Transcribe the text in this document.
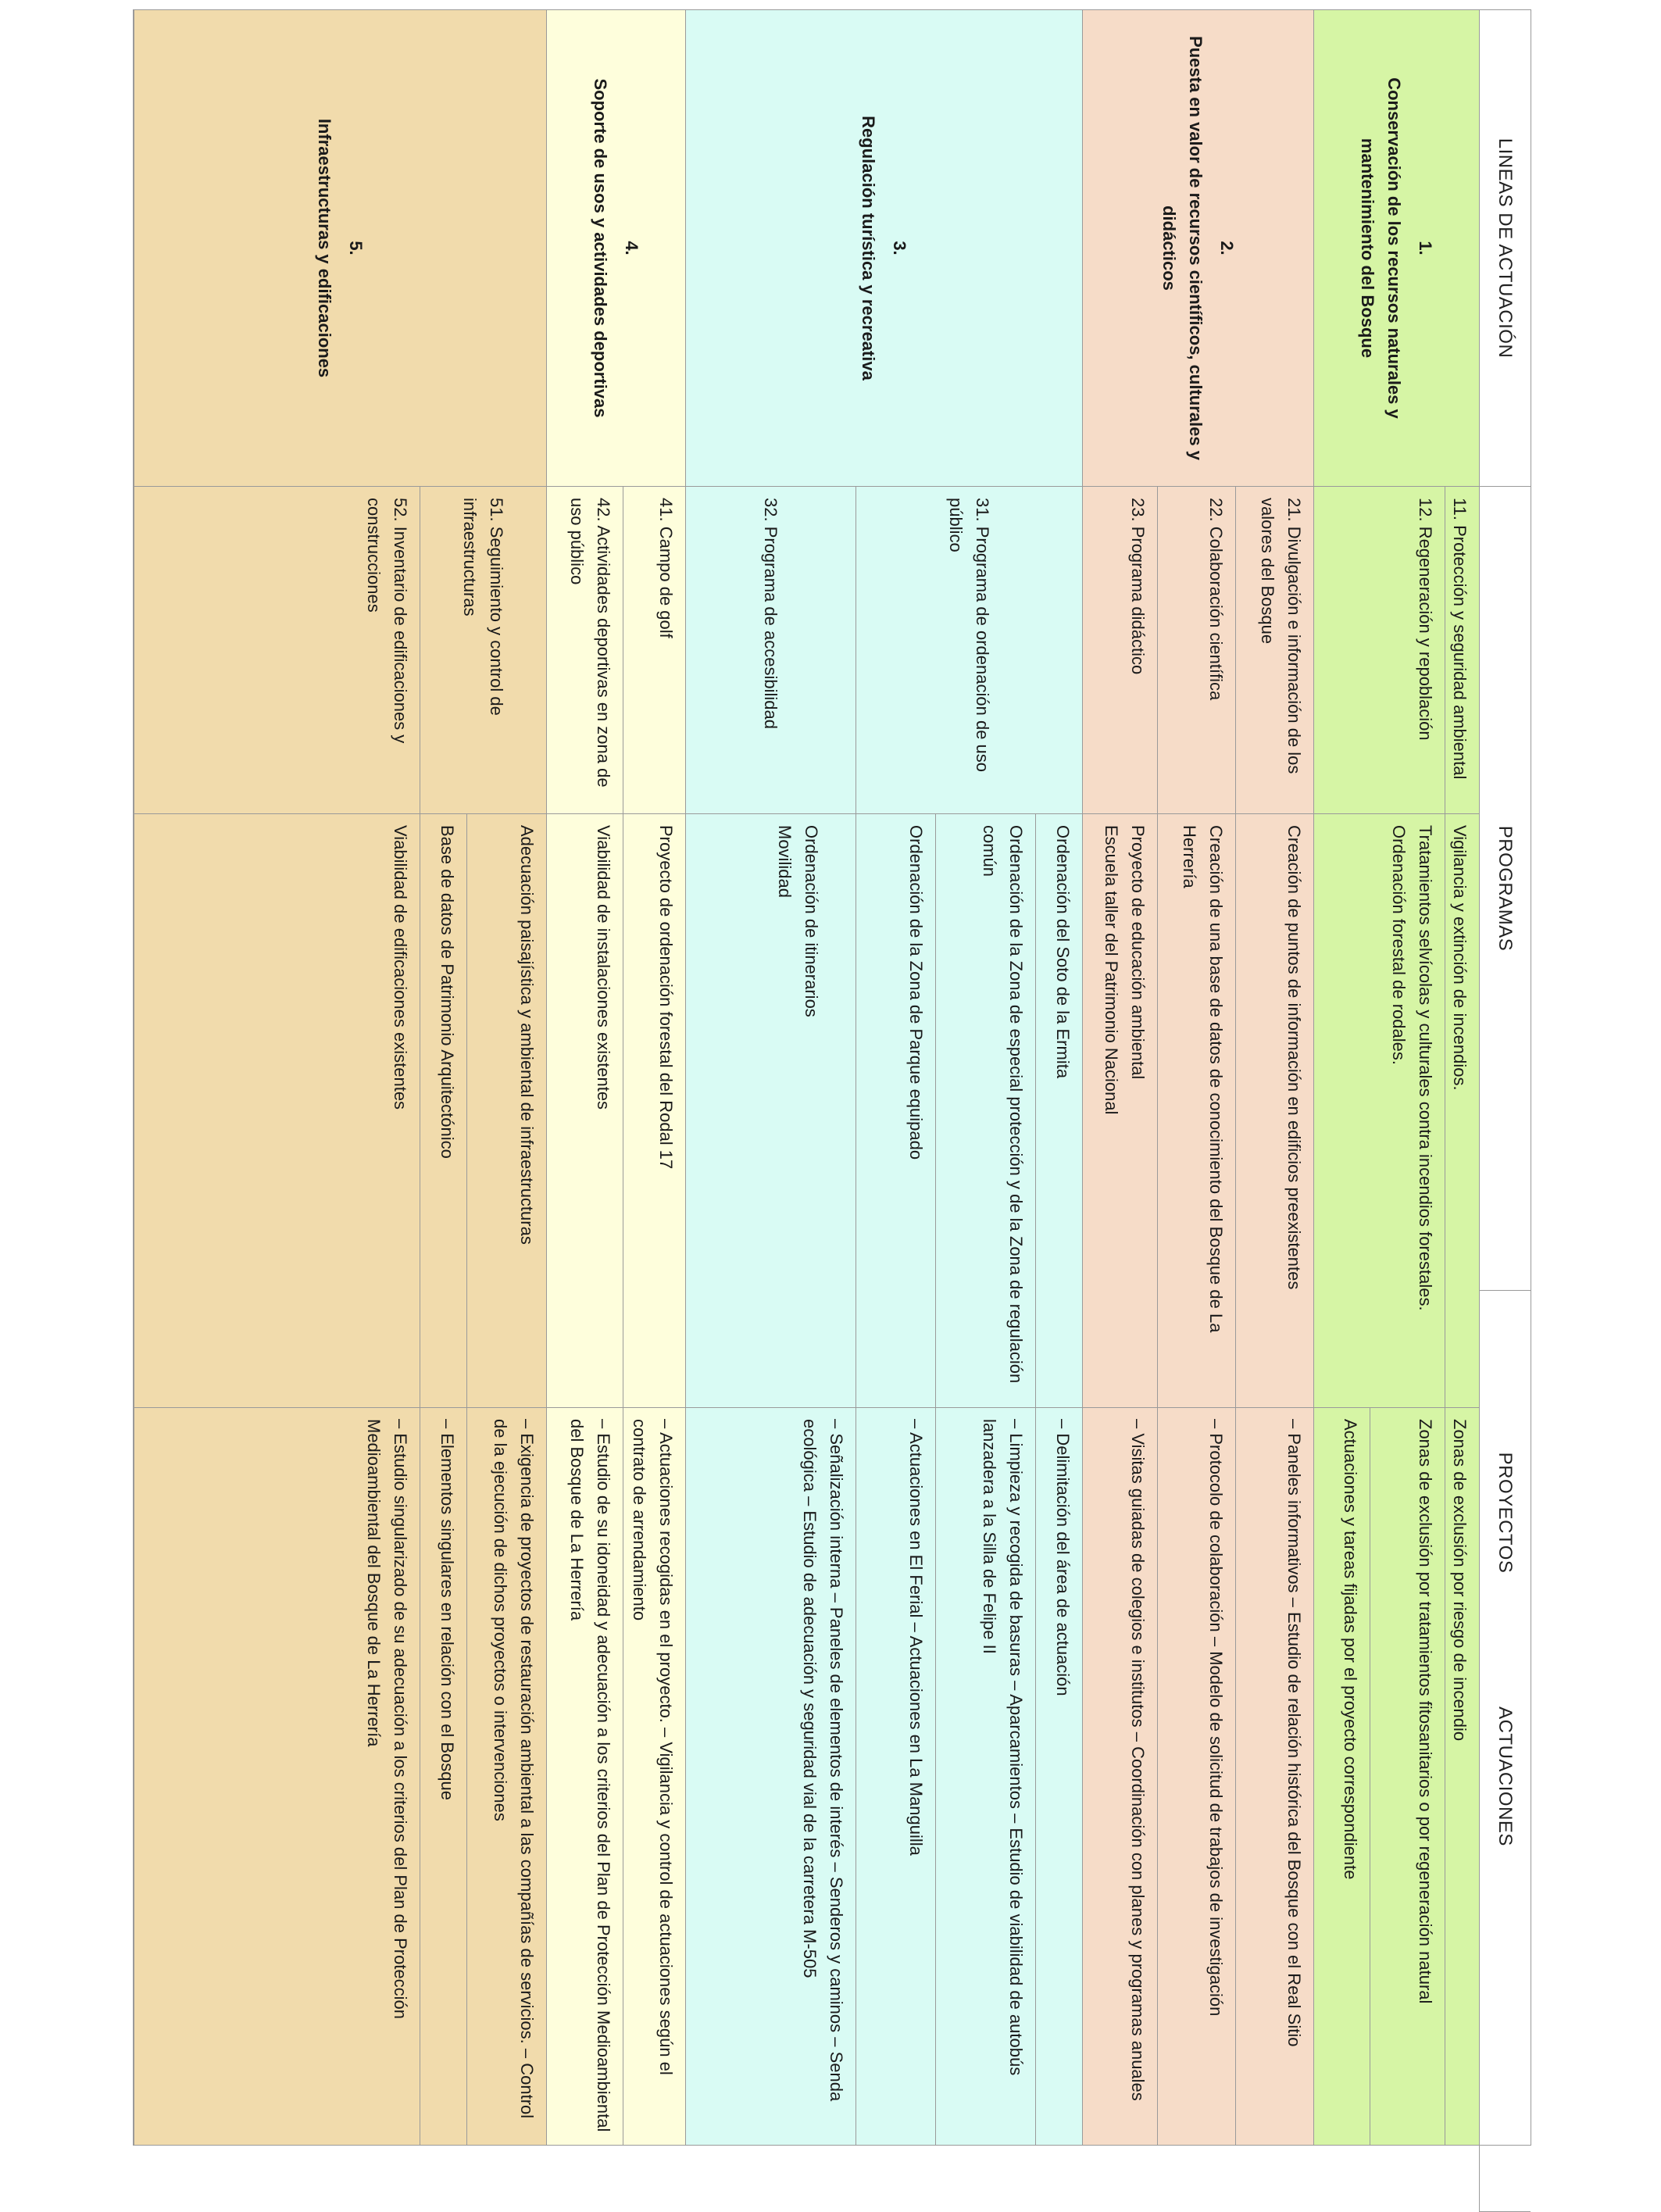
LINEAS DE ACTUACIÓN
PROGRAMAS
PROYECTOS
ACTUACIONES
1.
Conservación de los recursos naturales y mantenimiento del Bosque
11. Protección y seguridad ambiental
12. Regeneración y repoblación
Vigilancia y extinción de incendios.
Tratamientos selvícolas y culturales contra incendios forestales.
Ordenación forestal de rodales.
Zonas de exclusión por riesgo de incendio
Zonas de exclusión por tratamientos fitosanitarios o por regeneración natural
Actuaciones y tareas fijadas por el proyecto correspondiente
2.
Puesta en valor de recursos científicos, culturales y didácticos
21. Divulgación e información de los valores del Bosque
22. Colaboración científica
23. Programa didáctico
Creación de puntos de información en edificios preexistentes
Creación de una base de datos de conocimiento del Bosque de La Herrería
Proyecto de educación ambiental
Escuela taller del Patrimonio Nacional
– Paneles informativos – Estudio de relación histórica del Bosque con el Real Sitio
– Protocolo de colaboración – Modelo de solicitud de trabajos de investigación
– Visitas guiadas de colegios e institutos – Coordinación con planes y programas anuales
3.
Regulación turística y recreativa
31. Programa de ordenación de uso público
32. Programa de accesibilidad
Ordenación del Soto de la Ermita
Ordenación de la Zona de especial protección y de la Zona de regulación común
Ordenación de la Zona de Parque equipado
Ordenación de itinerarios
Movilidad
– Delimitación del área de actuación
– Limpieza y recogida de basuras – Aparcamientos – Estudio de viabilidad de autobús lanzadera a la Silla de Felipe II
– Actuaciones en El Ferial – Actuaciones en La Manguilla
– Señalización interna – Paneles de elementos de interés – Senderos y caminos – Senda ecológica – Estudio de adecuación y seguridad vial de la carretera M-505
4.
Soporte de usos y actividades deportivas
41. Campo de golf
42. Actividades deportivas en zona de uso público
Proyecto de ordenación forestal del Rodal 17
Viabilidad de instalaciones existentes
– Actuaciones recogidas en el proyecto. – Vigilancia y control de actuaciones según el contrato de arrendamiento
– Estudio de su idoneidad y adecuación a los criterios del Plan de Protección Medioambiental del Bosque de La Herrería
5.
Infraestructuras y edificaciones
51. Seguimiento y control de infraestructuras
52. Inventario de edificaciones y construcciones
Adecuación paisajística y ambiental de infraestructuras
Base de datos de Patrimonio Arquitectónico
Viabilidad de edificaciones existentes
– Exigencia de proyectos de restauración ambiental a las compañías de servicios. – Control de la ejecución de dichos proyectos o intervenciones
– Elementos singulares en relación con el Bosque
– Estudio singularizado de su adecuación a los criterios del Plan de Protección Medioambiental del Bosque de La Herrería
